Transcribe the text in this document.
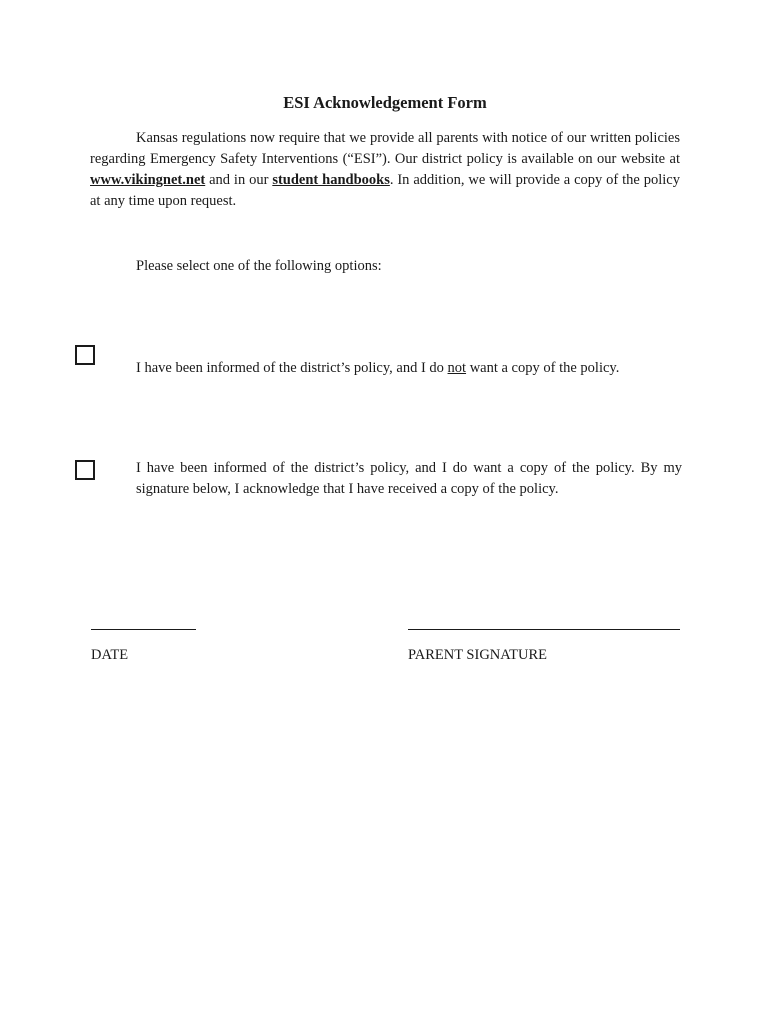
ESI Acknowledgement Form

Kansas regulations now require that we provide all parents with notice of our written policies regarding Emergency Safety Interventions (“ESI”). Our district policy is available on our website at www.vikingnet.net and in our student handbooks. In addition, we will provide a copy of the policy at any time upon request.

Please select one of the following options:

I have been informed of the district’s policy, and I do not want a copy of the policy.

I have been informed of the district’s policy, and I do want a copy of the policy. By my signature below, I acknowledge that I have received a copy of the policy.

DATE	PARENT SIGNATURE
